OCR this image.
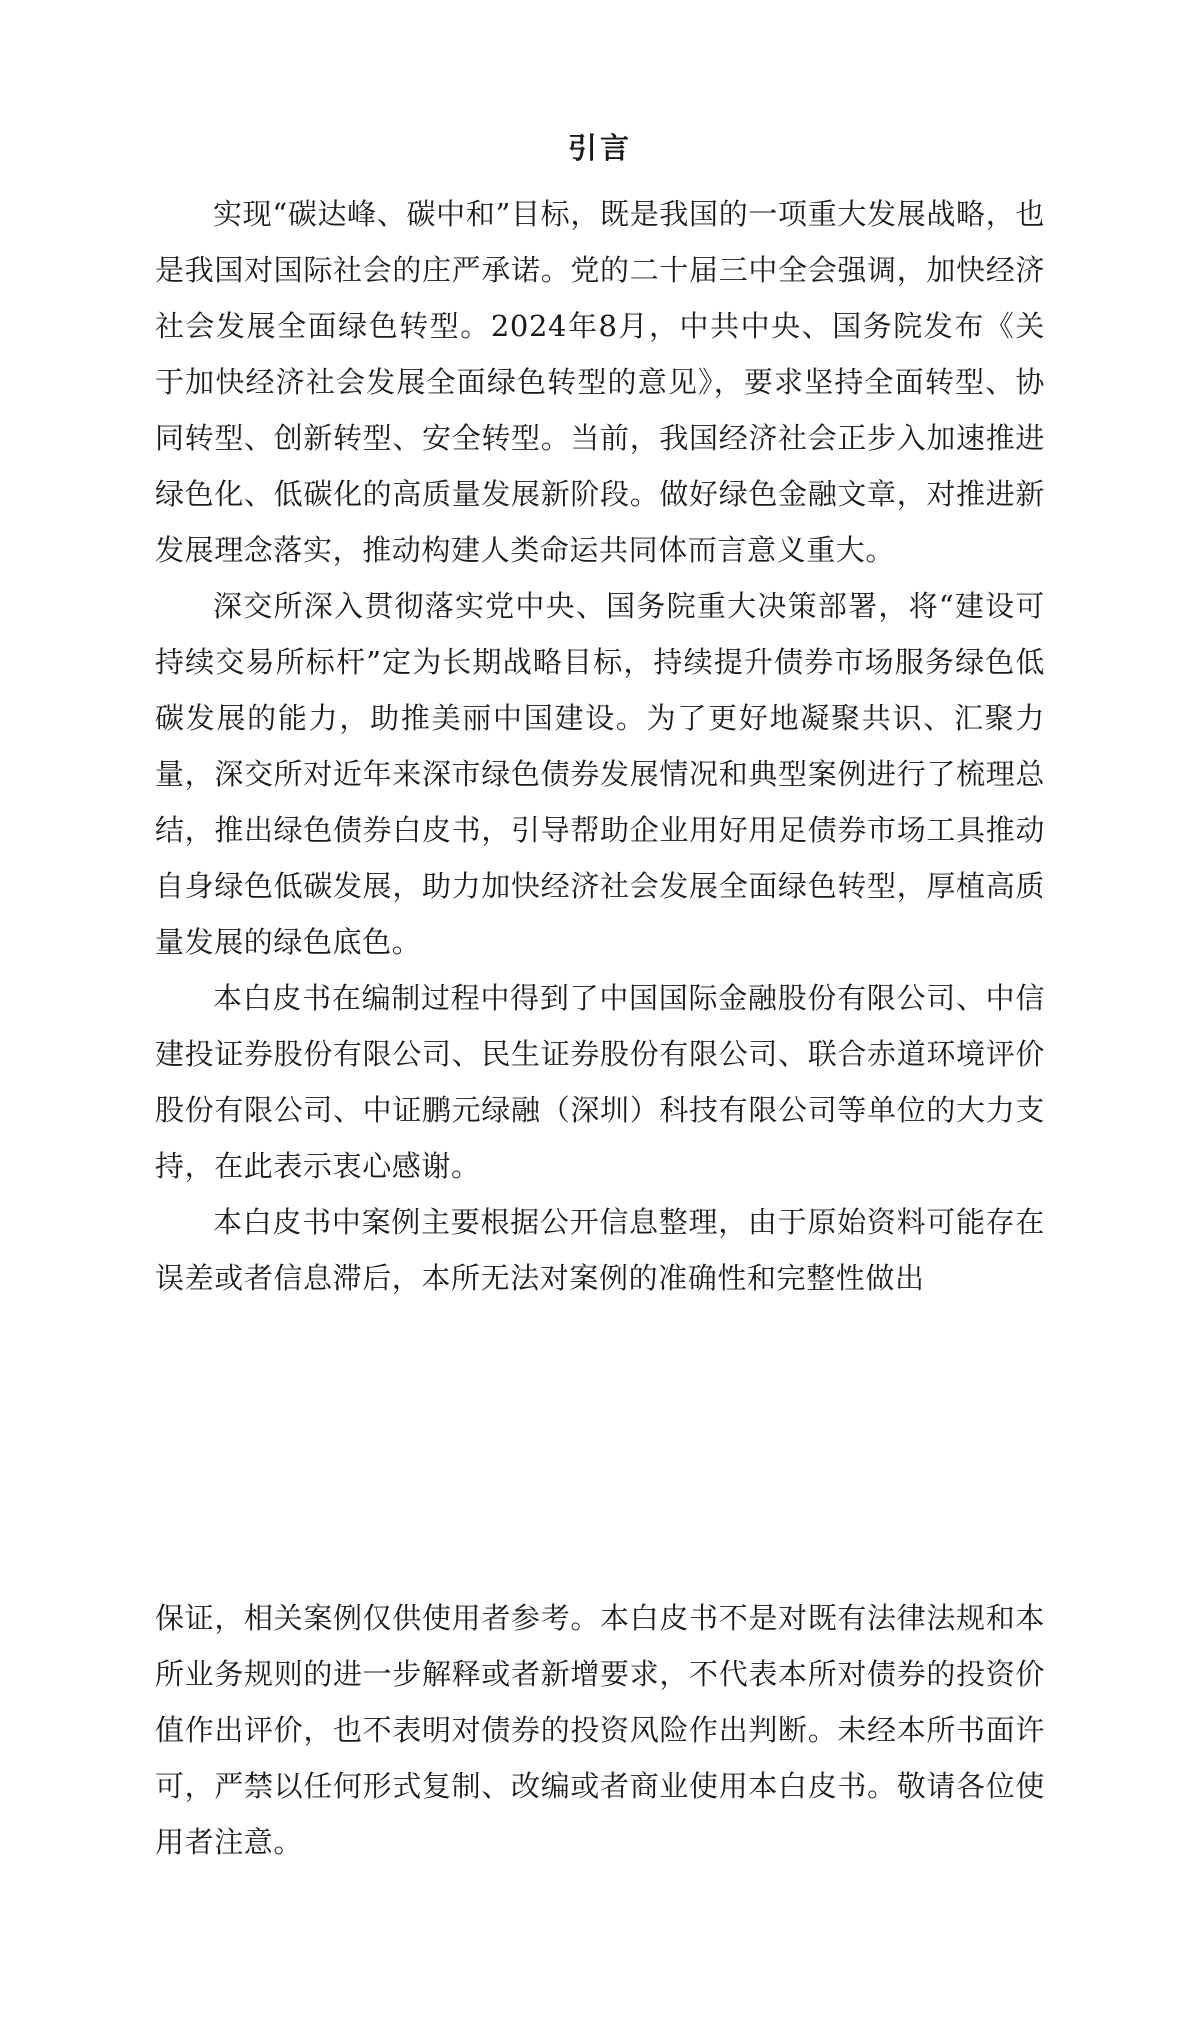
引言

实现“碳达峰、碳中和”目标，既是我国的一项重大发展战略，也是我国对国际社会的庄严承诺。党的二十届三中全会强调，加快经济社会发展全面绿色转型。2024年8月，中共中央、国务院发布《关于加快经济社会发展全面绿色转型的意见》，要求坚持全面转型、协同转型、创新转型、安全转型。当前，我国经济社会正步入加速推进绿色化、低碳化的高质量发展新阶段。做好绿色金融文章，对推进新发展理念落实，推动构建人类命运共同体而言意义重大。

深交所深入贯彻落实党中央、国务院重大决策部署，将“建设可持续交易所标杆”定为长期战略目标，持续提升债券市场服务绿色低碳发展的能力，助推美丽中国建设。为了更好地凝聚共识、汇聚力量，深交所对近年来深市绿色债券发展情况和典型案例进行了梳理总结，推出绿色债券白皮书，引导帮助企业用好用足债券市场工具推动自身绿色低碳发展，助力加快经济社会发展全面绿色转型，厚植高质量发展的绿色底色。

本白皮书在编制过程中得到了中国国际金融股份有限公司、中信建投证券股份有限公司、民生证券股份有限公司、联合赤道环境评价股份有限公司、中证鹏元绿融（深圳）科技有限公司等单位的大力支持，在此表示衷心感谢。

本白皮书中案例主要根据公开信息整理，由于原始资料可能存在误差或者信息滞后，本所无法对案例的准确性和完整性做出

保证，相关案例仅供使用者参考。本白皮书不是对既有法律法规和本所业务规则的进一步解释或者新增要求，不代表本所对债券的投资价值作出评价，也不表明对债券的投资风险作出判断。未经本所书面许可，严禁以任何形式复制、改编或者商业使用本白皮书。敬请各位使用者注意。
